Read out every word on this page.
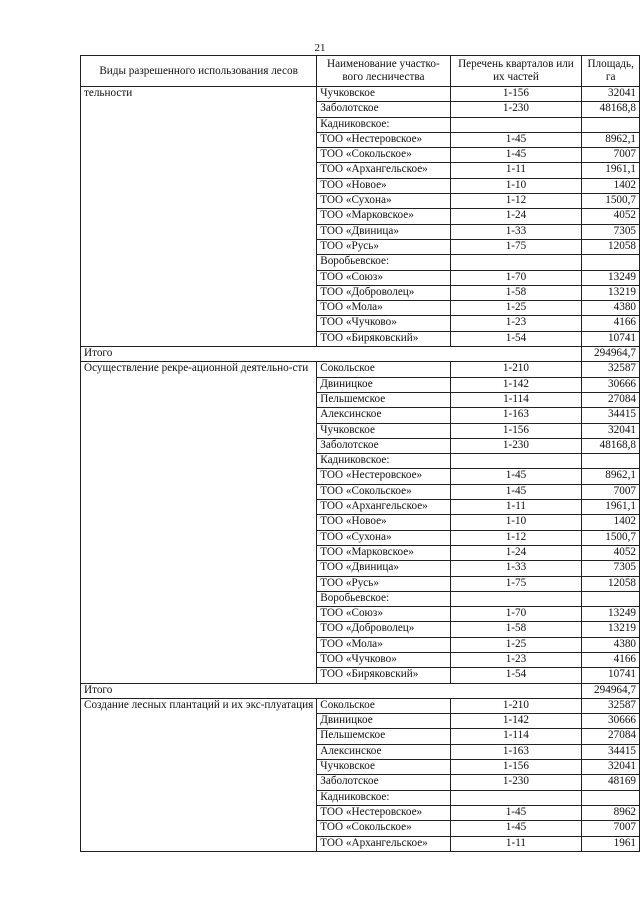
21
Виды разрешенного использования лесов	Наименование участко-вого лесничества	Перечень кварталов или их частей	Площадь, га
тельности	Чучковское	1-156	32041
	Заболотское	1-230	48168,8
	Кадниковское:		
	ТОО «Нестеровское»	1-45	8962,1
	ТОО «Сокольское»	1-45	7007
	ТОО «Архангельское»	1-11	1961,1
	ТОО «Новое»	1-10	1402
	ТОО «Сухона»	1-12	1500,7
	ТОО «Марковское»	1-24	4052
	ТОО «Двиница»	1-33	7305
	ТОО «Русь»	1-75	12058
	Воробьевское:		
	ТОО «Союз»	1-70	13249
	ТОО «Доброволец»	1-58	13219
	ТОО «Мола»	1-25	4380
	ТОО «Чучково»	1-23	4166
	ТОО «Биряковский»	1-54	10741
Итого			294964,7
Осуществление рекре-ационной деятельно-сти	Сокольское	1-210	32587
	Двиницкое	1-142	30666
	Пельшемское	1-114	27084
	Алексинское	1-163	34415
	Чучковское	1-156	32041
	Заболотское	1-230	48168,8
	Кадниковское:		
	ТОО «Нестеровское»	1-45	8962,1
	ТОО «Сокольское»	1-45	7007
	ТОО «Архангельское»	1-11	1961,1
	ТОО «Новое»	1-10	1402
	ТОО «Сухона»	1-12	1500,7
	ТОО «Марковское»	1-24	4052
	ТОО «Двиница»	1-33	7305
	ТОО «Русь»	1-75	12058
	Воробьевское:		
	ТОО «Союз»	1-70	13249
	ТОО «Доброволец»	1-58	13219
	ТОО «Мола»	1-25	4380
	ТОО «Чучково»	1-23	4166
	ТОО «Биряковский»	1-54	10741
Итого			294964,7
Создание лесных плантаций и их экс-плуатация	Сокольское	1-210	32587
	Двиницкое	1-142	30666
	Пельшемское	1-114	27084
	Алексинское	1-163	34415
	Чучковское	1-156	32041
	Заболотское	1-230	48169
	Кадниковское:		
	ТОО «Нестеровское»	1-45	8962
	ТОО «Сокольское»	1-45	7007
	ТОО «Архангельское»	1-11	1961
